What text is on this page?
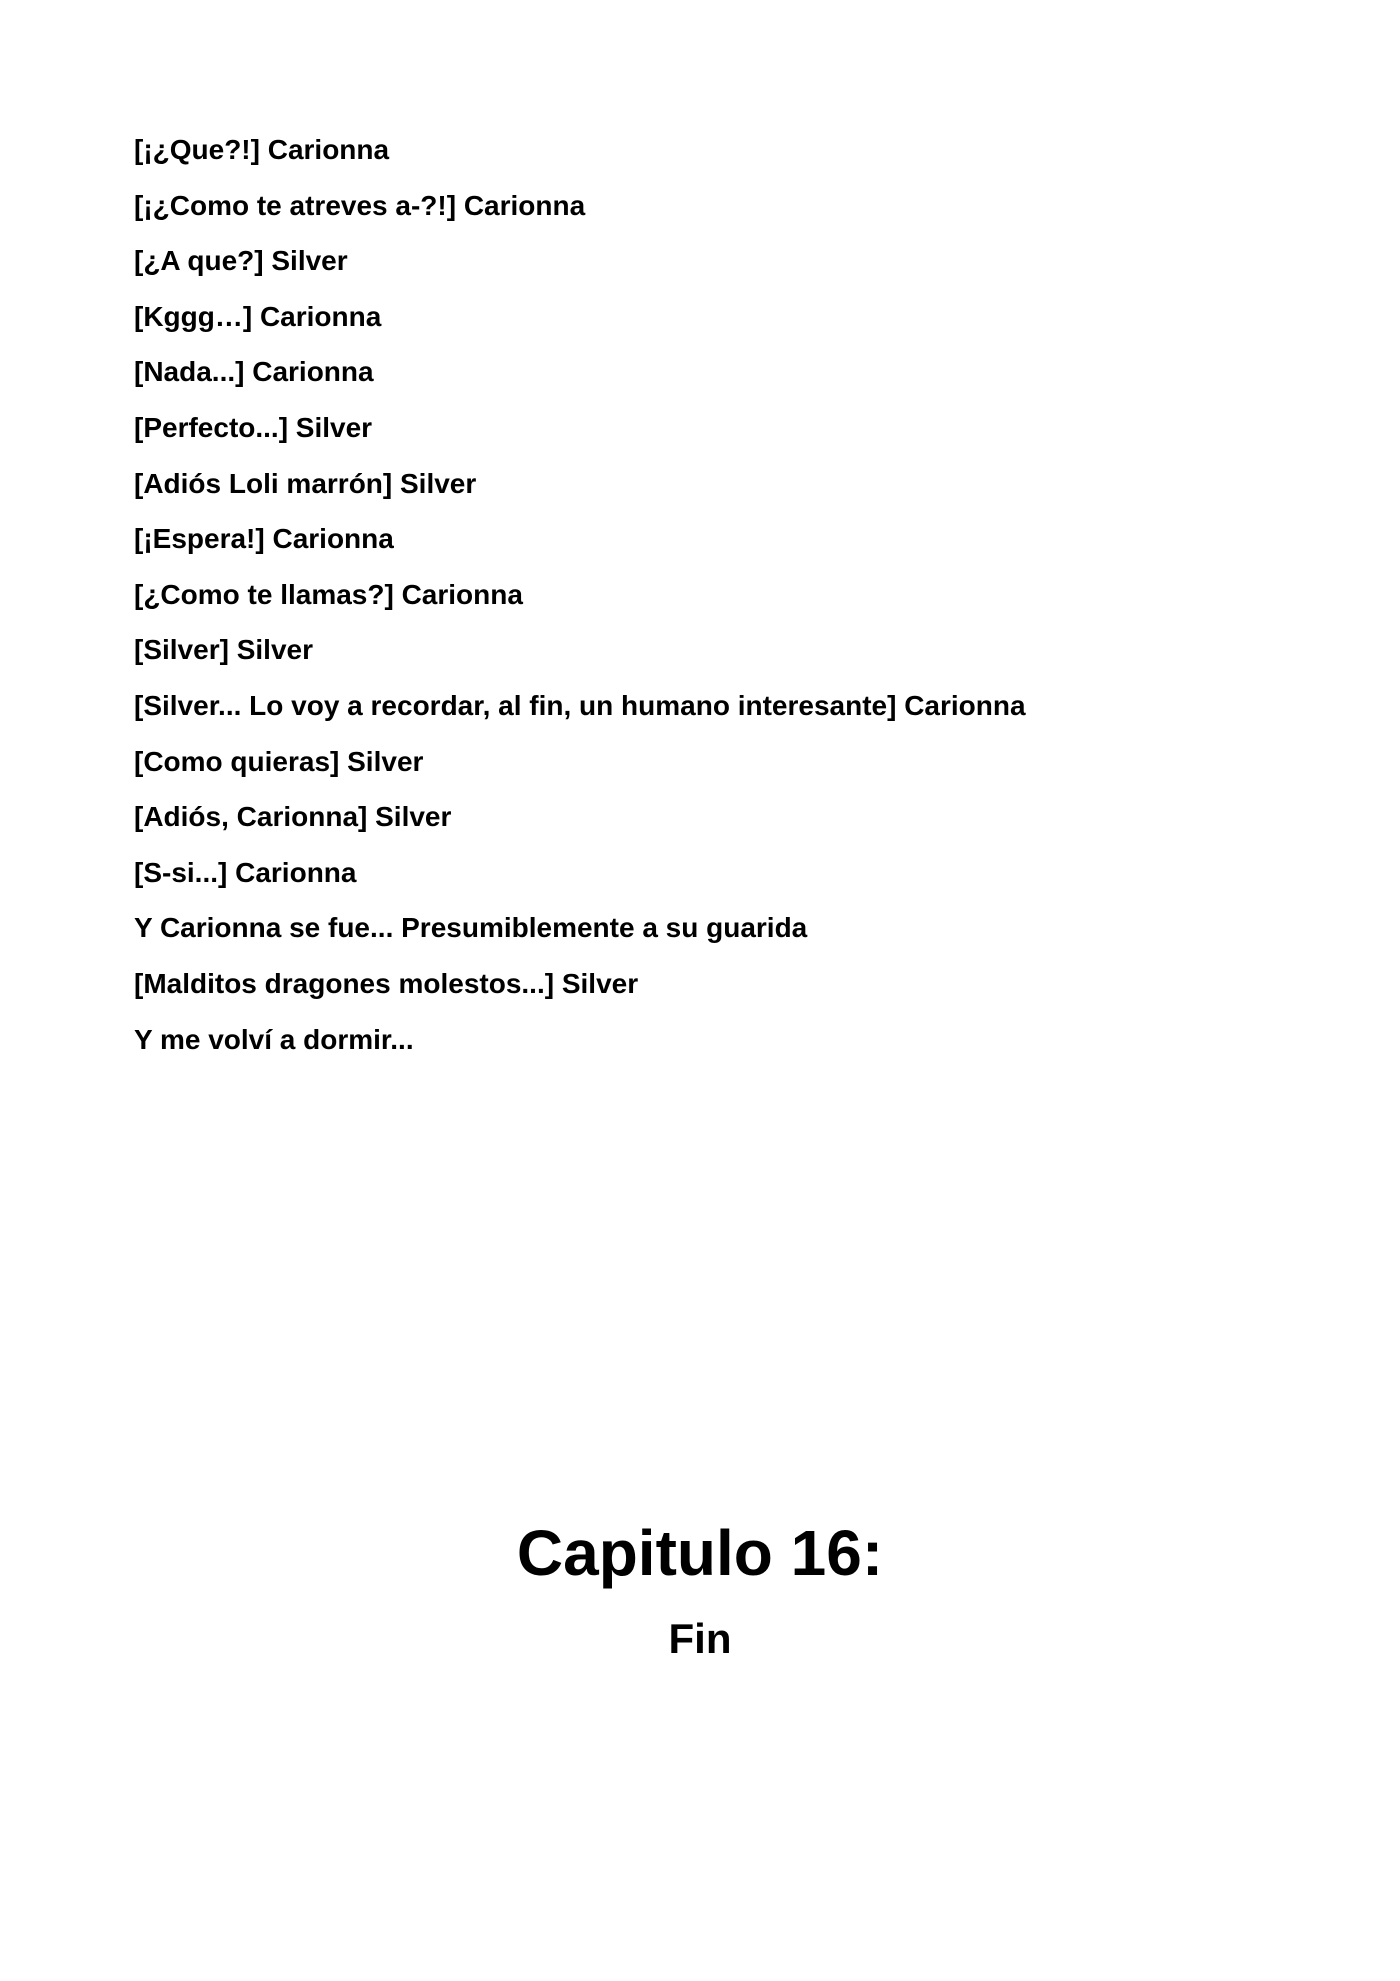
[¡¿Que?!] Carionna
[¡¿Como te atreves a-?!] Carionna
[¿A que?] Silver
[Kggg…] Carionna
[Nada...] Carionna
[Perfecto...] Silver
[Adiós Loli marrón] Silver
[¡Espera!] Carionna
[¿Como te llamas?] Carionna
[Silver] Silver
[Silver... Lo voy a recordar, al fin, un humano interesante] Carionna
[Como quieras] Silver
[Adiós, Carionna] Silver
[S-si...] Carionna
Y Carionna se fue... Presumiblemente a su guarida
[Malditos dragones molestos...] Silver
Y me volví a dormir...
Capitulo 16:
Fin
